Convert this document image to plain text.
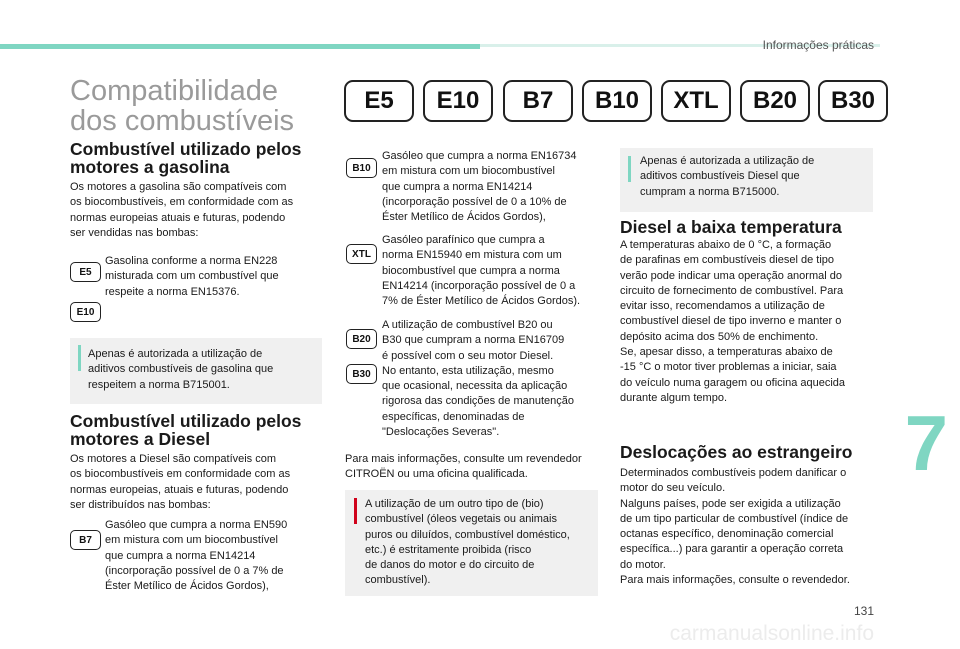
Informações práticas
Compatibilidade dos combustíveis
E5	E10	B7	B10	XTL	B20	B30
Combustível utilizado pelos motores a gasolina
Os motores a gasolina são compatíveis com
os biocombustíveis, em conformidade com as
normas europeias atuais e futuras, podendo
ser vendidas nas bombas:
E5
E10
Gasolina conforme a norma EN228
misturada com um combustível que
respeite a norma EN15376.
Apenas é autorizada a utilização de
aditivos combustíveis de gasolina que
respeitem a norma B715001.
Combustível utilizado pelos motores a Diesel
Os motores a Diesel são compatíveis com
os biocombustíveis em conformidade com as
normas europeias, atuais e futuras, podendo
ser distribuídos nas bombas:
B7
Gasóleo que cumpra a norma EN590
em mistura com um biocombustível
que cumpra a norma EN14214
(incorporação possível de 0 a 7% de
Éster Metílico de Ácidos Gordos),
B10
Gasóleo que cumpra a norma EN16734
em mistura com um biocombustível
que cumpra a norma EN14214
(incorporação possível de 0 a 10% de
Éster Metílico de Ácidos Gordos),
XTL
Gasóleo parafínico que cumpra a
norma EN15940 em mistura com um
biocombustível que cumpra a norma
EN14214 (incorporação possível de 0 a
7% de Éster Metílico de Ácidos Gordos).
B20
B30
A utilização de combustível B20 ou
B30 que cumpram a norma EN16709
é possível com o seu motor Diesel.
No entanto, esta utilização, mesmo
que ocasional, necessita da aplicação
rigorosa das condições de manutenção
específicas, denominadas de
"Deslocações Severas".
Para mais informações, consulte um revendedor
CITROËN ou uma oficina qualificada.
A utilização de um outro tipo de (bio)
combustível (óleos vegetais ou animais
puros ou diluídos, combustível doméstico,
etc.) é estritamente proibida (risco
de danos do motor e do circuito de
combustível).
Apenas é autorizada a utilização de
aditivos combustíveis Diesel que
cumpram a norma B715000.
Diesel a baixa temperatura
A temperaturas abaixo de 0 °C, a formação
de parafinas em combustíveis diesel de tipo
verão pode indicar uma operação anormal do
circuito de fornecimento de combustível. Para
evitar isso, recomendamos a utilização de
combustível diesel de tipo inverno e manter o
depósito acima dos 50% de enchimento.
Se, apesar disso, a temperaturas abaixo de
-15 °C o motor tiver problemas a iniciar, saia
do veículo numa garagem ou oficina aquecida
durante algum tempo.
Deslocações ao estrangeiro
Determinados combustíveis podem danificar o
motor do seu veículo.
Nalguns países, pode ser exigida a utilização
de um tipo particular de combustível (índice de
octanas específico, denominação comercial
específica...) para garantir a operação correta
do motor.
Para mais informações, consulte o revendedor.
7
131
carmanualsonline.info
